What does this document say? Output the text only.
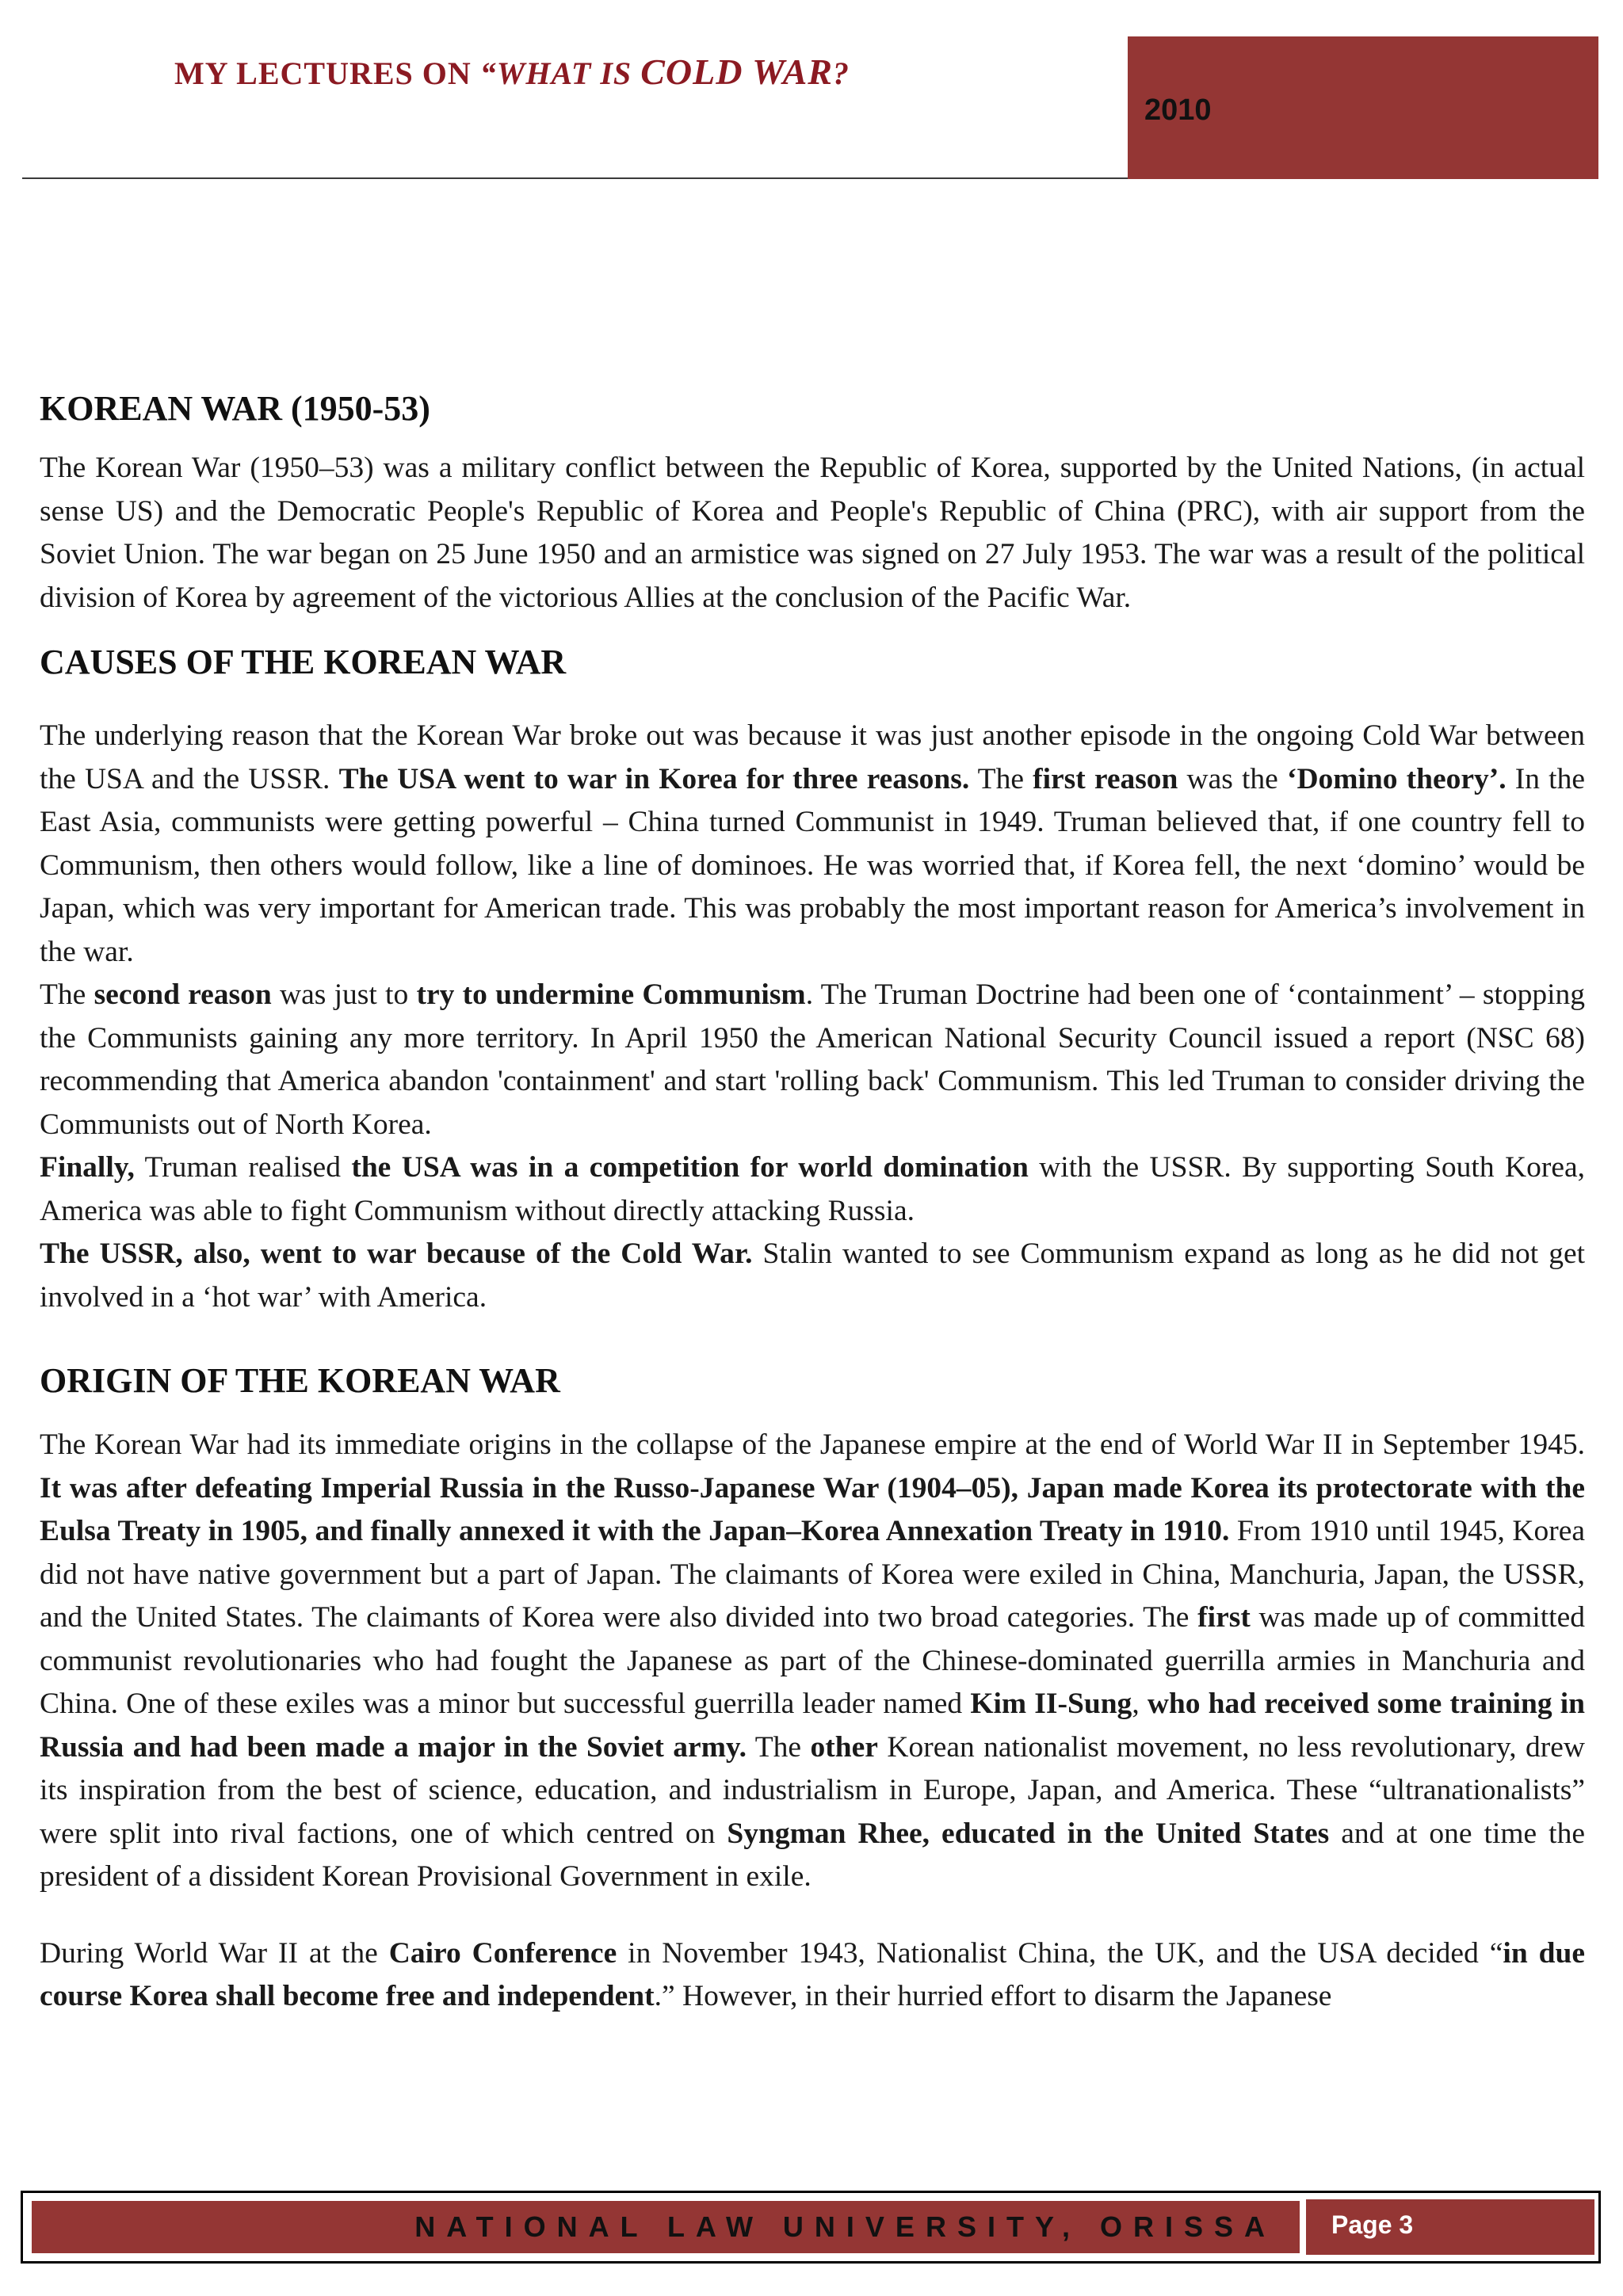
MY LECTURES ON “WHAT IS COLD WAR?
2010
KOREAN WAR (1950-53)

The Korean War (1950–53) was a military conflict between the Republic of Korea, supported by the United Nations, (in actual sense US) and the Democratic People's Republic of Korea and People's Republic of China (PRC), with air support from the Soviet Union. The war began on 25 June 1950 and an armistice was signed on 27 July 1953. The war was a result of the political division of Korea by agreement of the victorious Allies at the conclusion of the Pacific War.

CAUSES OF THE KOREAN WAR

The underlying reason that the Korean War broke out was because it was just another episode in the ongoing Cold War between the USA and the USSR. The USA went to war in Korea for three reasons. The first reason was the ‘Domino theory’. In the East Asia, communists were getting powerful – China turned Communist in 1949. Truman believed that, if one country fell to Communism, then others would follow, like a line of dominoes. He was worried that, if Korea fell, the next ‘domino’ would be Japan, which was very important for American trade. This was probably the most important reason for America’s involvement in the war.

The second reason was just to try to undermine Communism. The Truman Doctrine had been one of ‘containment’ – stopping the Communists gaining any more territory. In April 1950 the American National Security Council issued a report (NSC 68) recommending that America abandon 'containment' and start 'rolling back' Communism. This led Truman to consider driving the Communists out of North Korea.

Finally, Truman realised the USA was in a competition for world domination with the USSR. By supporting South Korea, America was able to fight Communism without directly attacking Russia.

The USSR, also, went to war because of the Cold War. Stalin wanted to see Communism expand as long as he did not get involved in a ‘hot war’ with America.

ORIGIN OF THE KOREAN WAR

The Korean War had its immediate origins in the collapse of the Japanese empire at the end of World War II in September 1945. It was after defeating Imperial Russia in the Russo-Japanese War (1904–05), Japan made Korea its protectorate with the Eulsa Treaty in 1905, and finally annexed it with the Japan–Korea Annexation Treaty in 1910. From 1910 until 1945, Korea did not have native government but a part of Japan. The claimants of Korea were exiled in China, Manchuria, Japan, the USSR, and the United States. The claimants of Korea were also divided into two broad categories. The first was made up of committed communist revolutionaries who had fought the Japanese as part of the Chinese-dominated guerrilla armies in Manchuria and China. One of these exiles was a minor but successful guerrilla leader named Kim II-Sung, who had received some training in Russia and had been made a major in the Soviet army. The other Korean nationalist movement, no less revolutionary, drew its inspiration from the best of science, education, and industrialism in Europe, Japan, and America. These “ultranationalists” were split into rival factions, one of which centred on Syngman Rhee, educated in the United States and at one time the president of a dissident Korean Provisional Government in exile.

During World War II at the Cairo Conference in November 1943, Nationalist China, the UK, and the USA decided “in due course Korea shall become free and independent.” However, in their hurried effort to disarm the Japanese

NATIONAL LAW UNIVERSITY, ORISSA Page 3
